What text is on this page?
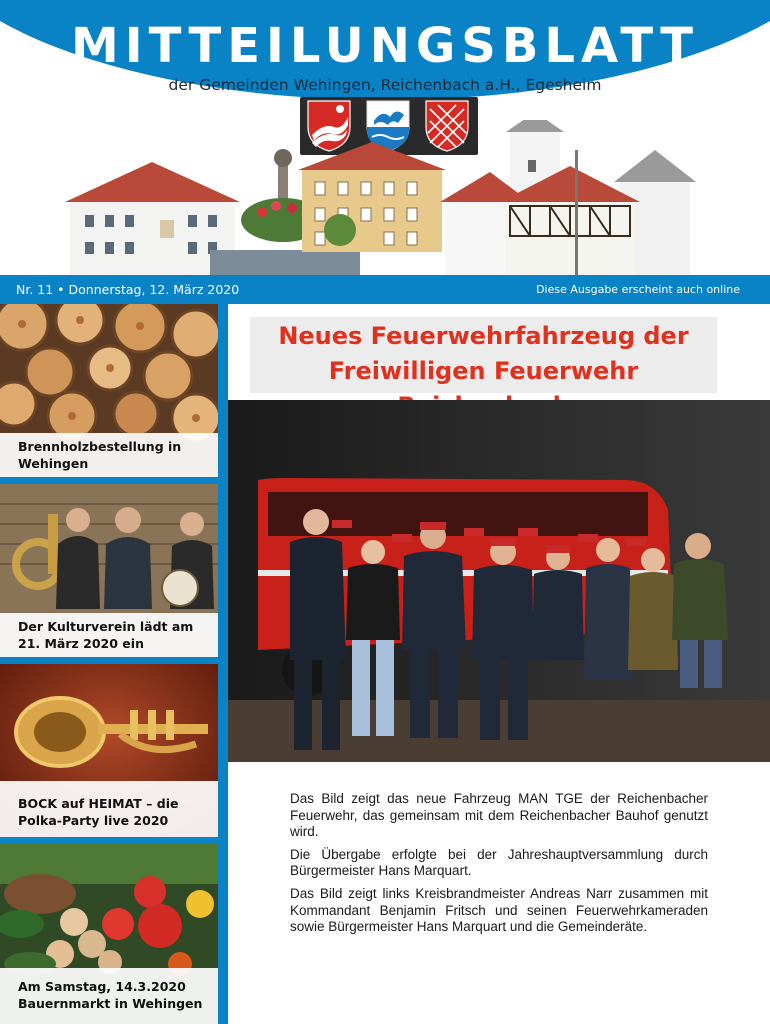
MITTEILUNGSBLATT
der Gemeinden Wehingen, Reichenbach a.H., Egesheim
Nr. 11 • Donnerstag, 12. März 2020	Diese Ausgabe erscheint auch online
Brennholzbestellung in Wehingen
Der Kulturverein lädt am 21. März 2020 ein
BOCK auf HEIMAT – die Polka-Party live 2020
Am Samstag, 14.3.2020 Bauernmarkt in Wehingen
Neues Feuerwehrfahrzeug der
Freiwilligen Feuerwehr

Das Bild zeigt das neue Fahrzeug MAN TGE der Reichenbacher Feuerwehr, das gemeinsam mit dem Reichenbacher Bauhof genutzt wird.

Die Übergabe erfolgte bei der Jahreshauptversammlung durch Bürgermeister Hans Marquart.

Das Bild zeigt links Kreisbrandmeister Andreas Narr zusammen mit Kommandant Benjamin Fritsch und seinen Feuerwehrkameraden sowie Bürgermeister Hans Marquart und die Gemeinderäte.
